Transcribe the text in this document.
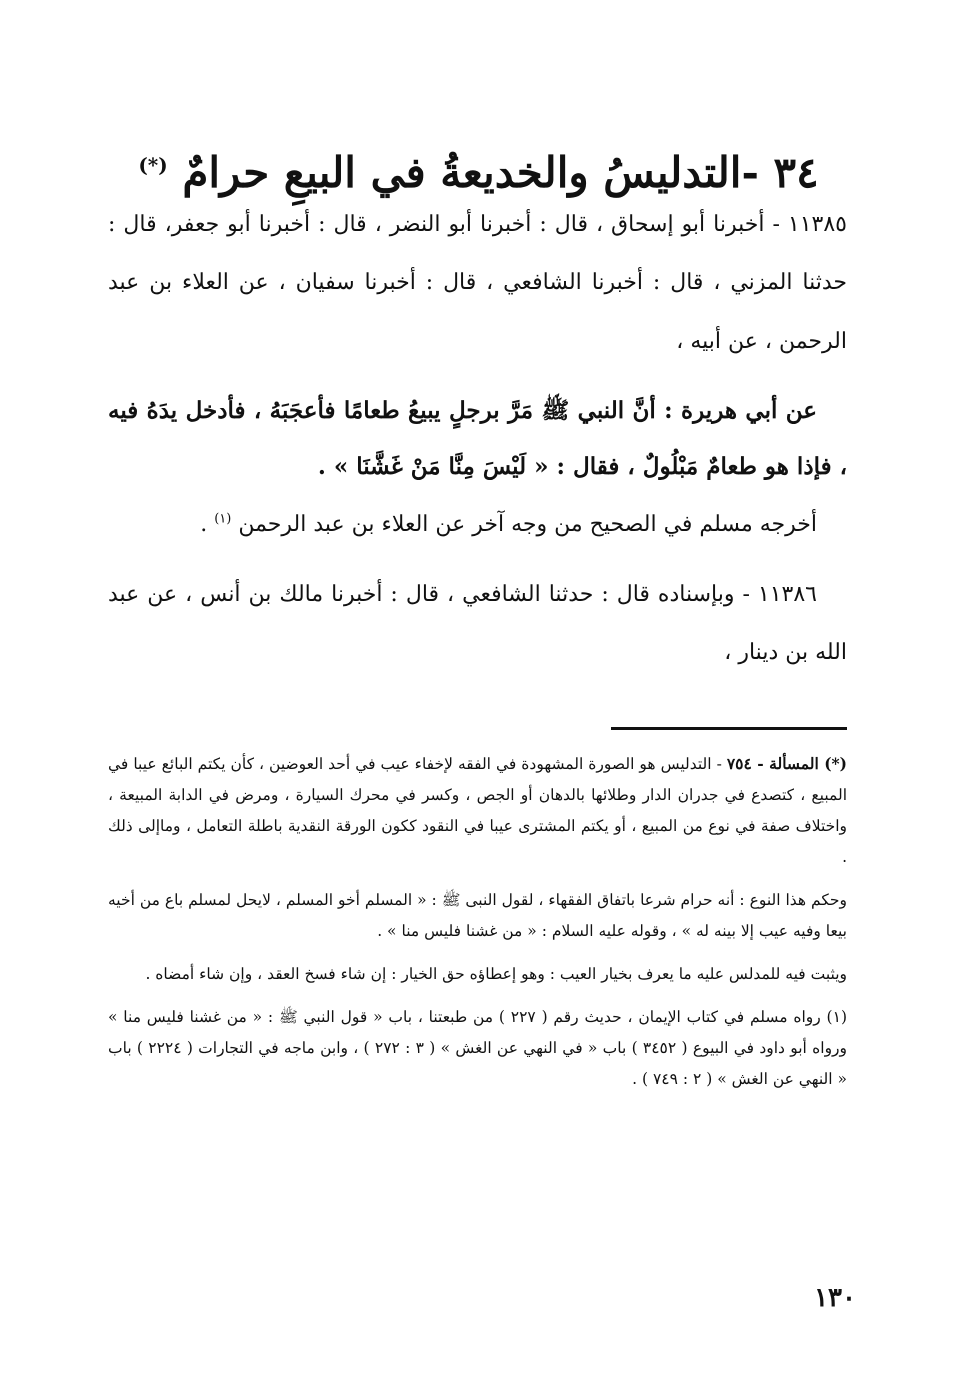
٣٤ -التدليسُ والخديعةُ في البيعِ حرامٌ (*)

١١٣٨٥ - أخبرنا أبو إسحاق ، قال : أخبرنا أبو النضر ، قال : أخبرنا أبو جعفر، قال : حدثنا المزني ، قال : أخبرنا الشافعي ، قال : أخبرنا سفيان ، عن العلاء بن عبد الرحمن ، عن أبيه ،

عن أبي هريرة : أنَّ النبي ﷺ مَرَّ برجلٍ يبيعُ طعامًا فأعجَبَهُ ، فأدخل يدَهُ فيه ، فإذا هو طعامٌ مَبْلُولٌ ، فقال : « لَيْسَ مِنَّا مَنْ غَشَّنَا » .

أخرجه مسلم في الصحيح من وجه آخر عن العلاء بن عبد الرحمن $^{(١)}$ .

١١٣٨٦ - وبإسناده قال : حدثنا الشافعي ، قال : أخبرنا مالك بن أنس ، عن عبد الله بن دينار ،

(*) المسألة - ٧٥٤ - التدليس هو الصورة المشهودة في الفقه لإخفاء عيب في أحد العوضين ، كأن يكتم البائع عيبا في المبيع ، كتصدع في جدران الدار وطلائها بالدهان أو الجص ، وكسر في محرك السيارة ، ومرض في الدابة المبيعة ، واختلاف صفة في نوع من المبيع ، أو يكتم المشترى عيبا في النقود ككون الورقة النقدية باطلة التعامل ، وماإلى ذلك .

وحكم هذا النوع : أنه حرام شرعا باتفاق الفقهاء ، لقول النبى ﷺ : « المسلم أخو المسلم ، لايحل لمسلم باع من أخيه بيعا وفيه عيب إلا بينه له » ، وقوله عليه السلام : « من غشنا فليس منا » .

ويثبت فيه للمدلس عليه ما يعرف بخيار العيب : وهو إعطاؤه حق الخيار : إن شاء فسخ العقد ، وإن شاء أمضاه .

(١) رواه مسلم في كتاب الإيمان ، حديث رقم ( ٢٢٧ ) من طبعتنا ، باب « قول النبي ﷺ : « من غشنا فليس منا » ورواه أبو داود في البيوع ( ٣٤٥٢ ) باب « في النهي عن الغش » ( ٣ : ٢٧٢ ) ، وابن ماجه في التجارات ( ٢٢٢٤ ) باب « النهي عن الغش » ( ٢ : ٧٤٩ ) .

١٣٠
